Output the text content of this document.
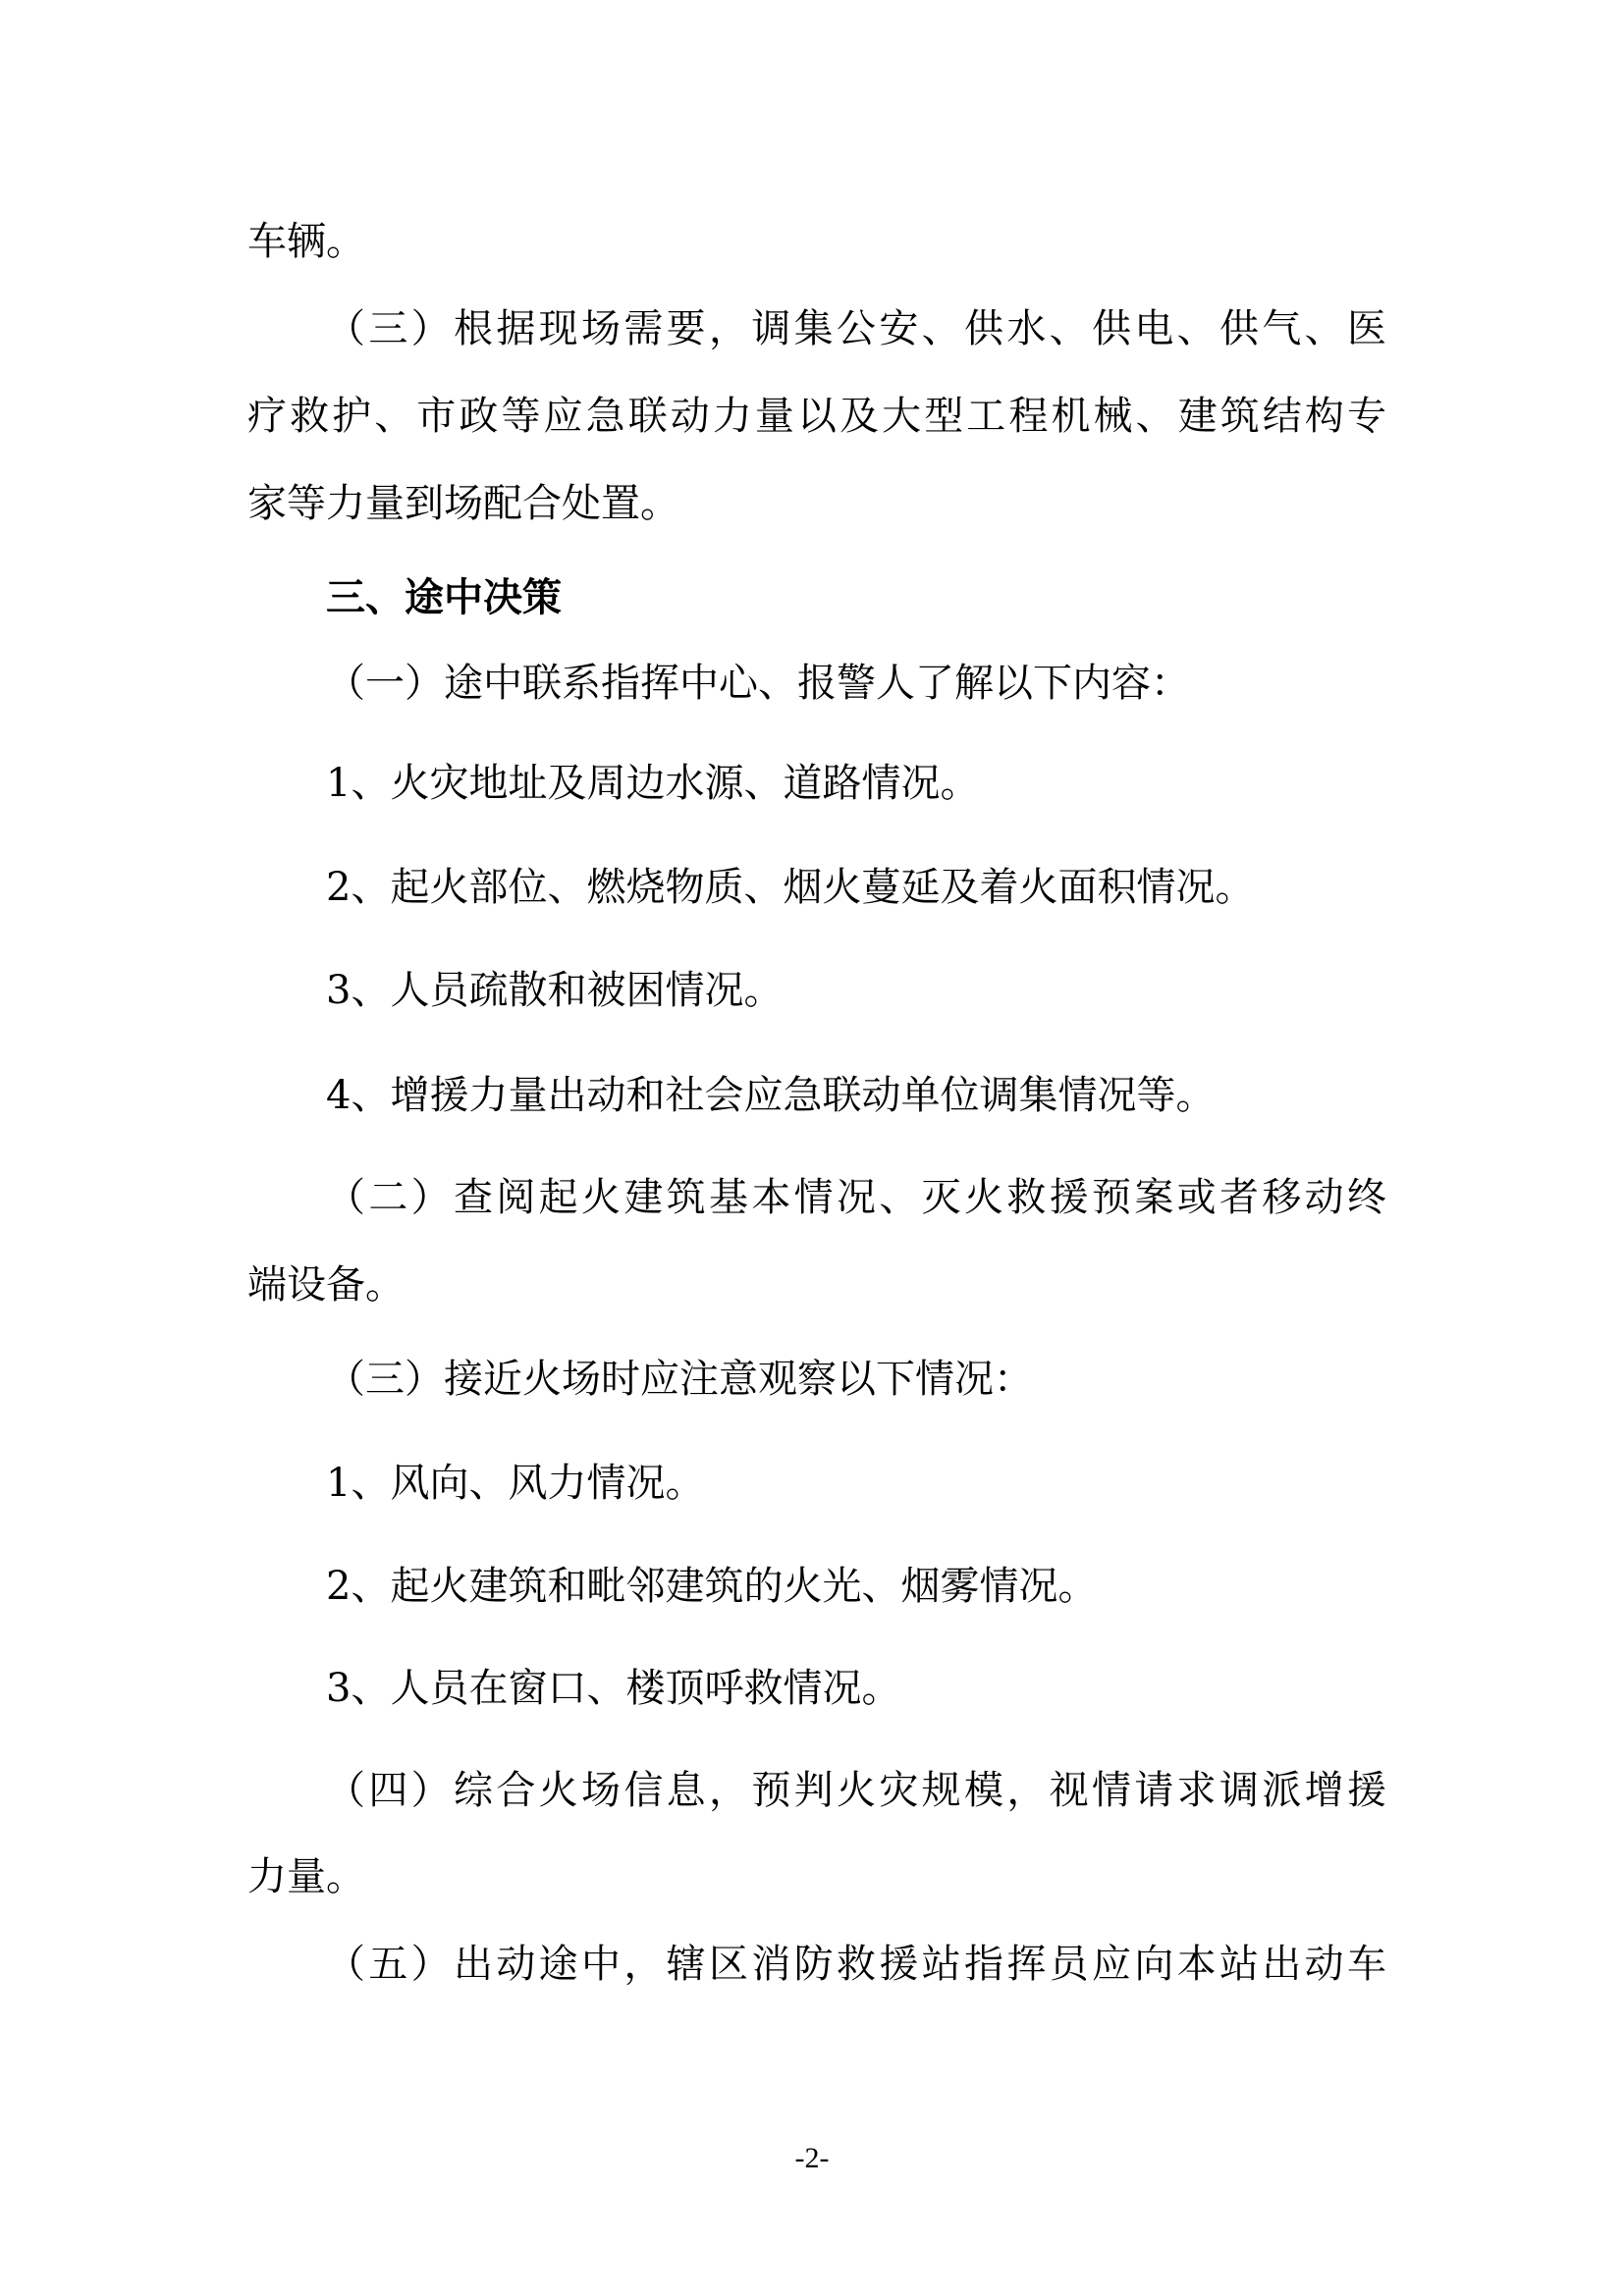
车辆。
（三）根据现场需要，调集公安、供水、供电、供气、医
疗救护、市政等应急联动力量以及大型工程机械、建筑结构专
家等力量到场配合处置。
三、途中决策
（一）途中联系指挥中心、报警人了解以下内容：
1、火灾地址及周边水源、道路情况。
2、起火部位、燃烧物质、烟火蔓延及着火面积情况。
3、人员疏散和被困情况。
4、增援力量出动和社会应急联动单位调集情况等。
（二）查阅起火建筑基本情况、灭火救援预案或者移动终
端设备。
（三）接近火场时应注意观察以下情况：
1、风向、风力情况。
2、起火建筑和毗邻建筑的火光、烟雾情况。
3、人员在窗口、楼顶呼救情况。
（四）综合火场信息，预判火灾规模，视情请求调派增援
力量。
（五）出动途中，辖区消防救援站指挥员应向本站出动车
-2-
